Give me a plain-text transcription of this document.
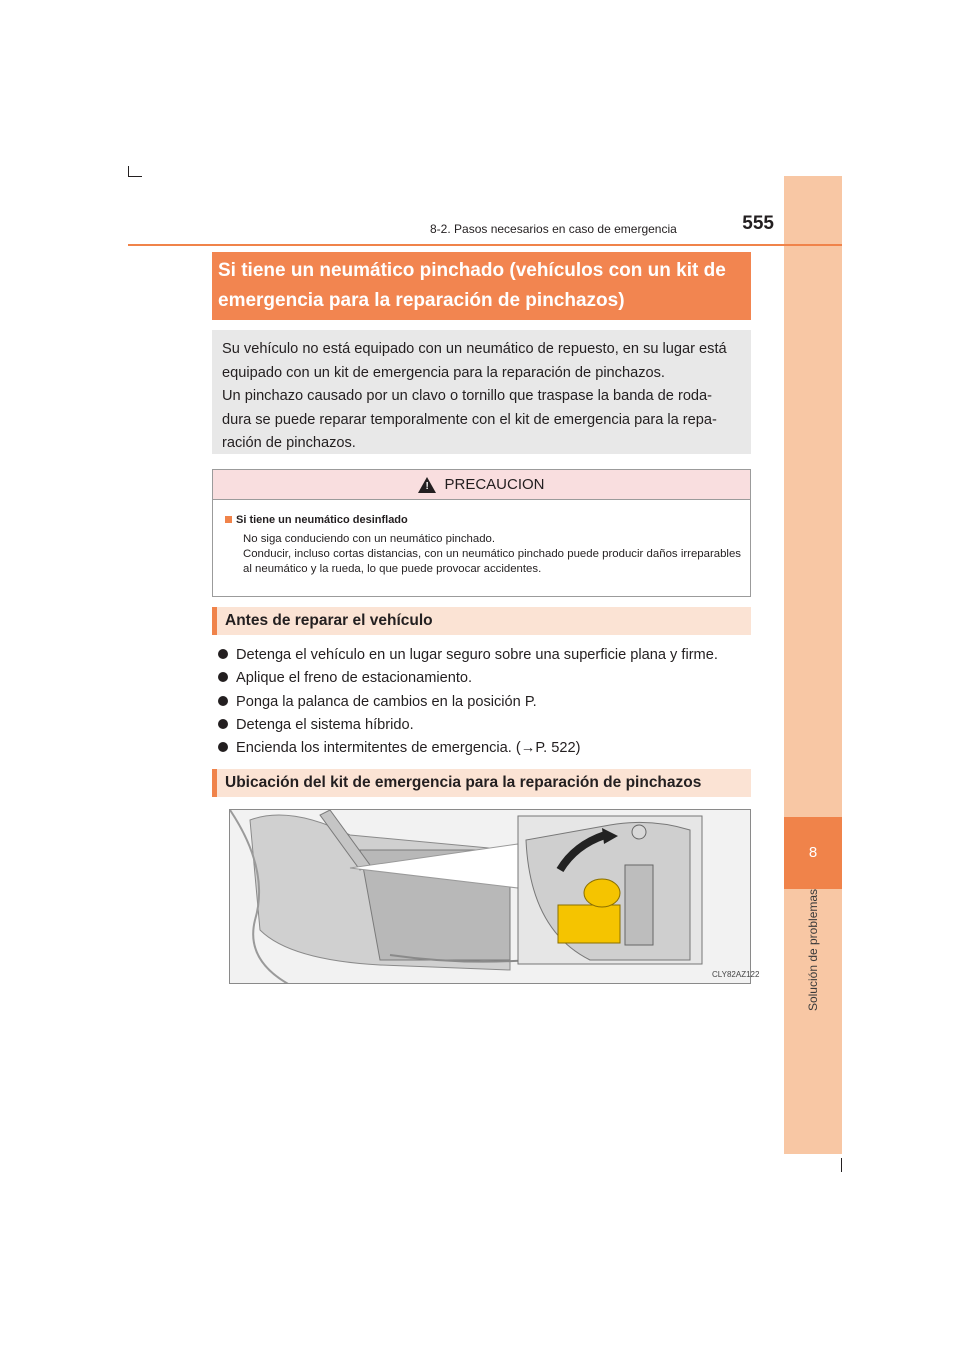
8
Solución de problemas
8-2. Pasos necesarios en caso de emergencia	555
Si tiene un neumático pinchado (vehículos con un kit de
emergencia para la reparación de pinchazos)

Su vehículo no está equipado con un neumático de repuesto, en su lugar está equipado con un kit de emergencia para la reparación de pinchazos.

Un pinchazo causado por un clavo o tornillo que traspase la banda de roda-dura se puede reparar temporalmente con el kit de emergencia para la repa-ración de pinchazos.

! PRECAUCION
Si tiene un neumático desinflado

No siga conduciendo con un neumático pinchado.

Conducir, incluso cortas distancias, con un neumático pinchado puede producir daños irreparables al neumático y la rueda, lo que puede provocar accidentes.

Antes de reparar el vehículo
Detenga el vehículo en un lugar seguro sobre una superficie plana y firme.
Aplique el freno de estacionamiento.
Ponga la palanca de cambios en la posición P.
Detenga el sistema híbrido.
Encienda los intermitentes de emergencia. (→P. 522)
Ubicación del kit de emergencia para la reparación de pinchazos
CLY82AZ122
